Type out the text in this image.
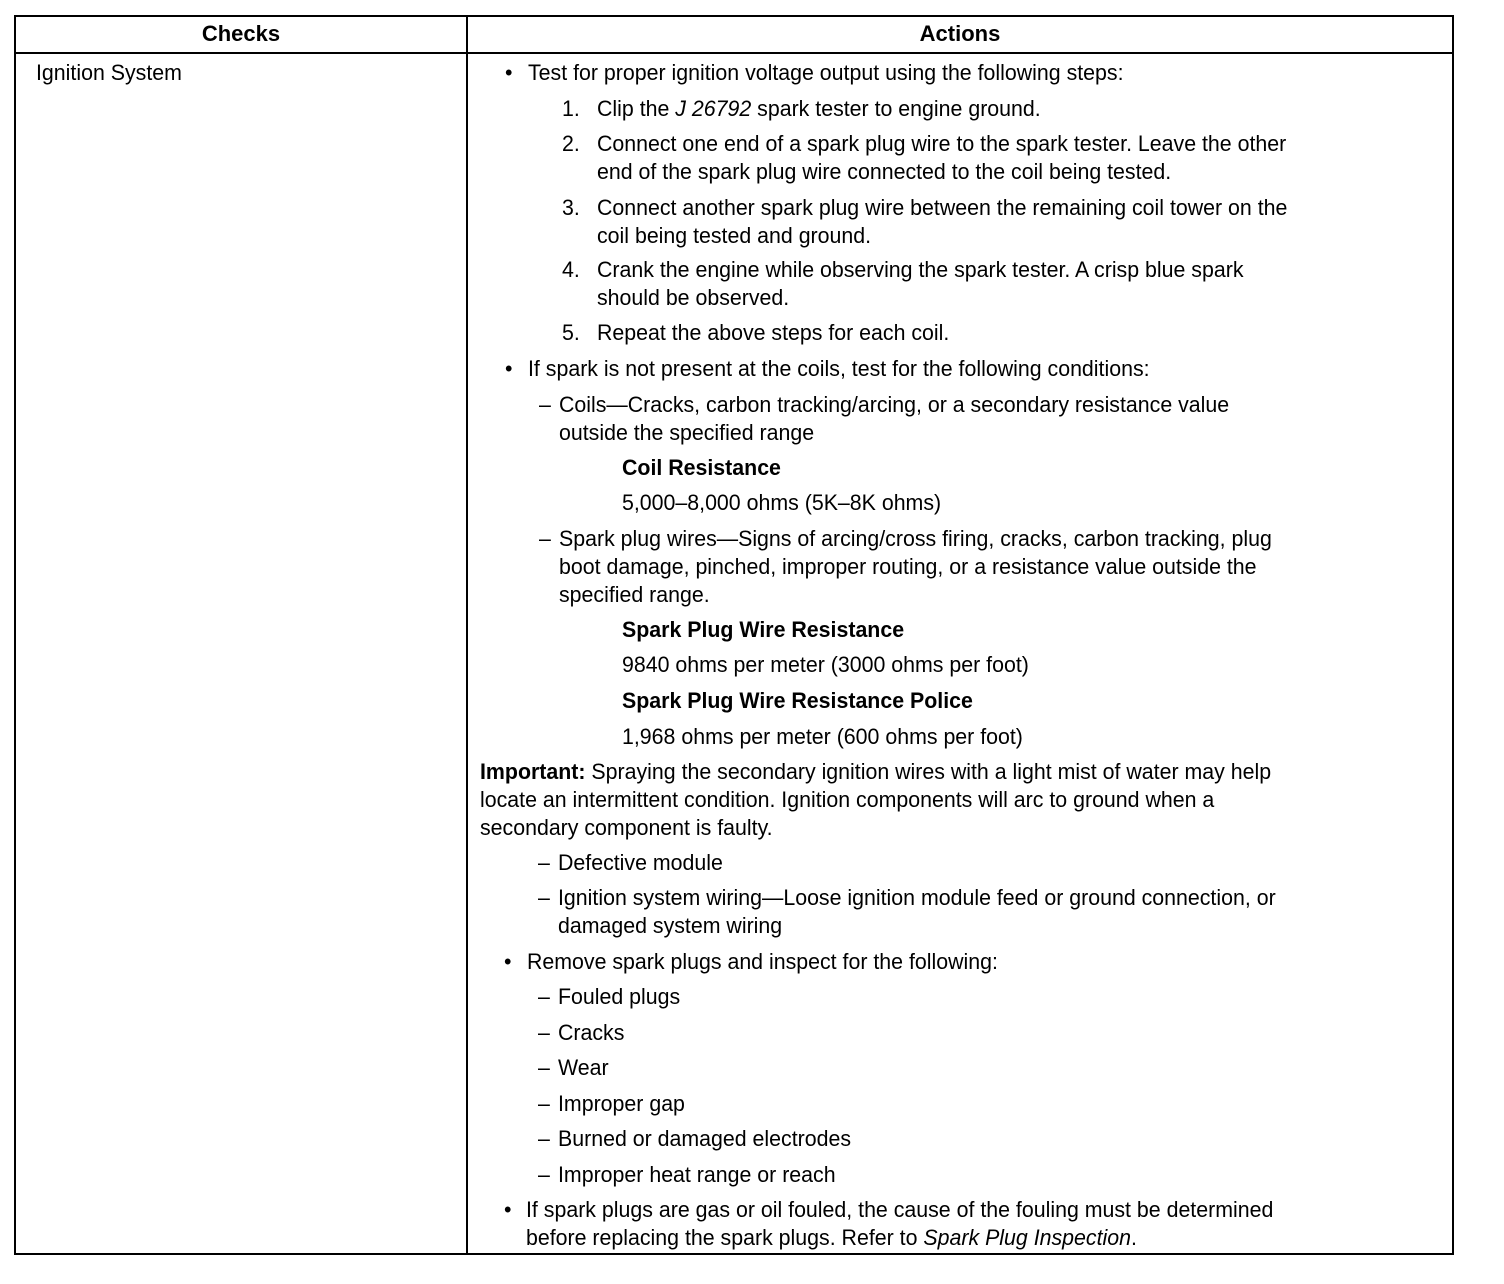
Checks	Actions
Ignition System	• Test for proper ignition voltage output using the following steps:
1. Clip the J 26792 spark tester to engine ground.
2. Connect one end of a spark plug wire to the spark tester. Leave the other
end of the spark plug wire connected to the coil being tested.
3. Connect another spark plug wire between the remaining coil tower on the
coil being tested and ground.
4. Crank the engine while observing the spark tester. A crisp blue spark
should be observed.
5. Repeat the above steps for each coil.
• If spark is not present at the coils, test for the following conditions:
– Coils—Cracks, carbon tracking/arcing, or a secondary resistance value
outside the specified range
Coil Resistance
5,000–8,000 ohms (5K–8K ohms)
– Spark plug wires—Signs of arcing/cross firing, cracks, carbon tracking, plug
boot damage, pinched, improper routing, or a resistance value outside the
specified range.
Spark Plug Wire Resistance
9840 ohms per meter (3000 ohms per foot)
Spark Plug Wire Resistance Police
1,968 ohms per meter (600 ohms per foot)
Important: Spraying the secondary ignition wires with a light mist of water may help
locate an intermittent condition. Ignition components will arc to ground when a
secondary component is faulty.
– Defective module
– Ignition system wiring—Loose ignition module feed or ground connection, or
damaged system wiring
• Remove spark plugs and inspect for the following:
– Fouled plugs
– Cracks
– Wear
– Improper gap
– Burned or damaged electrodes
– Improper heat range or reach
• If spark plugs are gas or oil fouled, the cause of the fouling must be determined
before replacing the spark plugs. Refer to Spark Plug Inspection.
